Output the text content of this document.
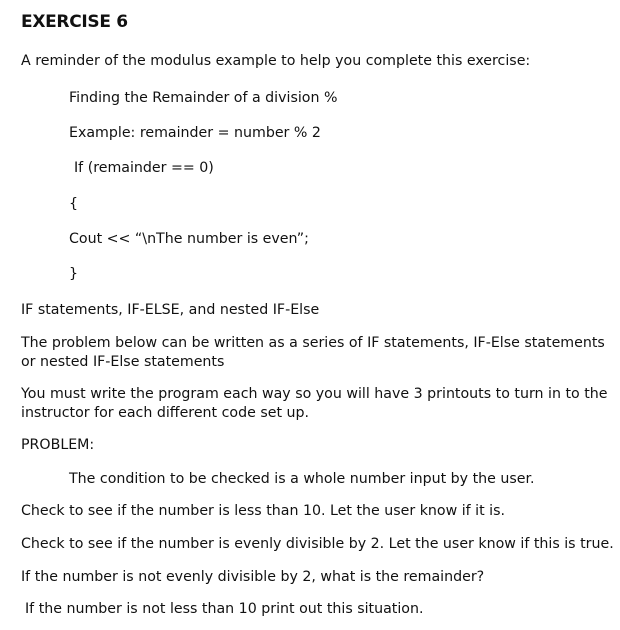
EXERCISE 6

A reminder of the modulus example to help you complete this exercise:

Finding the Remainder of a division %

Example: remainder = number % 2

If (remainder == 0)

{

Cout << “\nThe number is even”;

}

IF statements, IF-ELSE, and nested IF-Else

The problem below can be written as a series of IF statements, IF-Else statements or nested IF-Else statements

You must write the program each way so you will have 3 printouts to turn in to the instructor for each different code set up.

PROBLEM:

The condition to be checked is a whole number input by the user.

Check to see if the number is less than 10. Let the user know if it is.

Check to see if the number is evenly divisible by 2. Let the user know if this is true.

If the number is not evenly divisible by 2, what is the remainder?

If the number is not less than 10 print out this situation.
